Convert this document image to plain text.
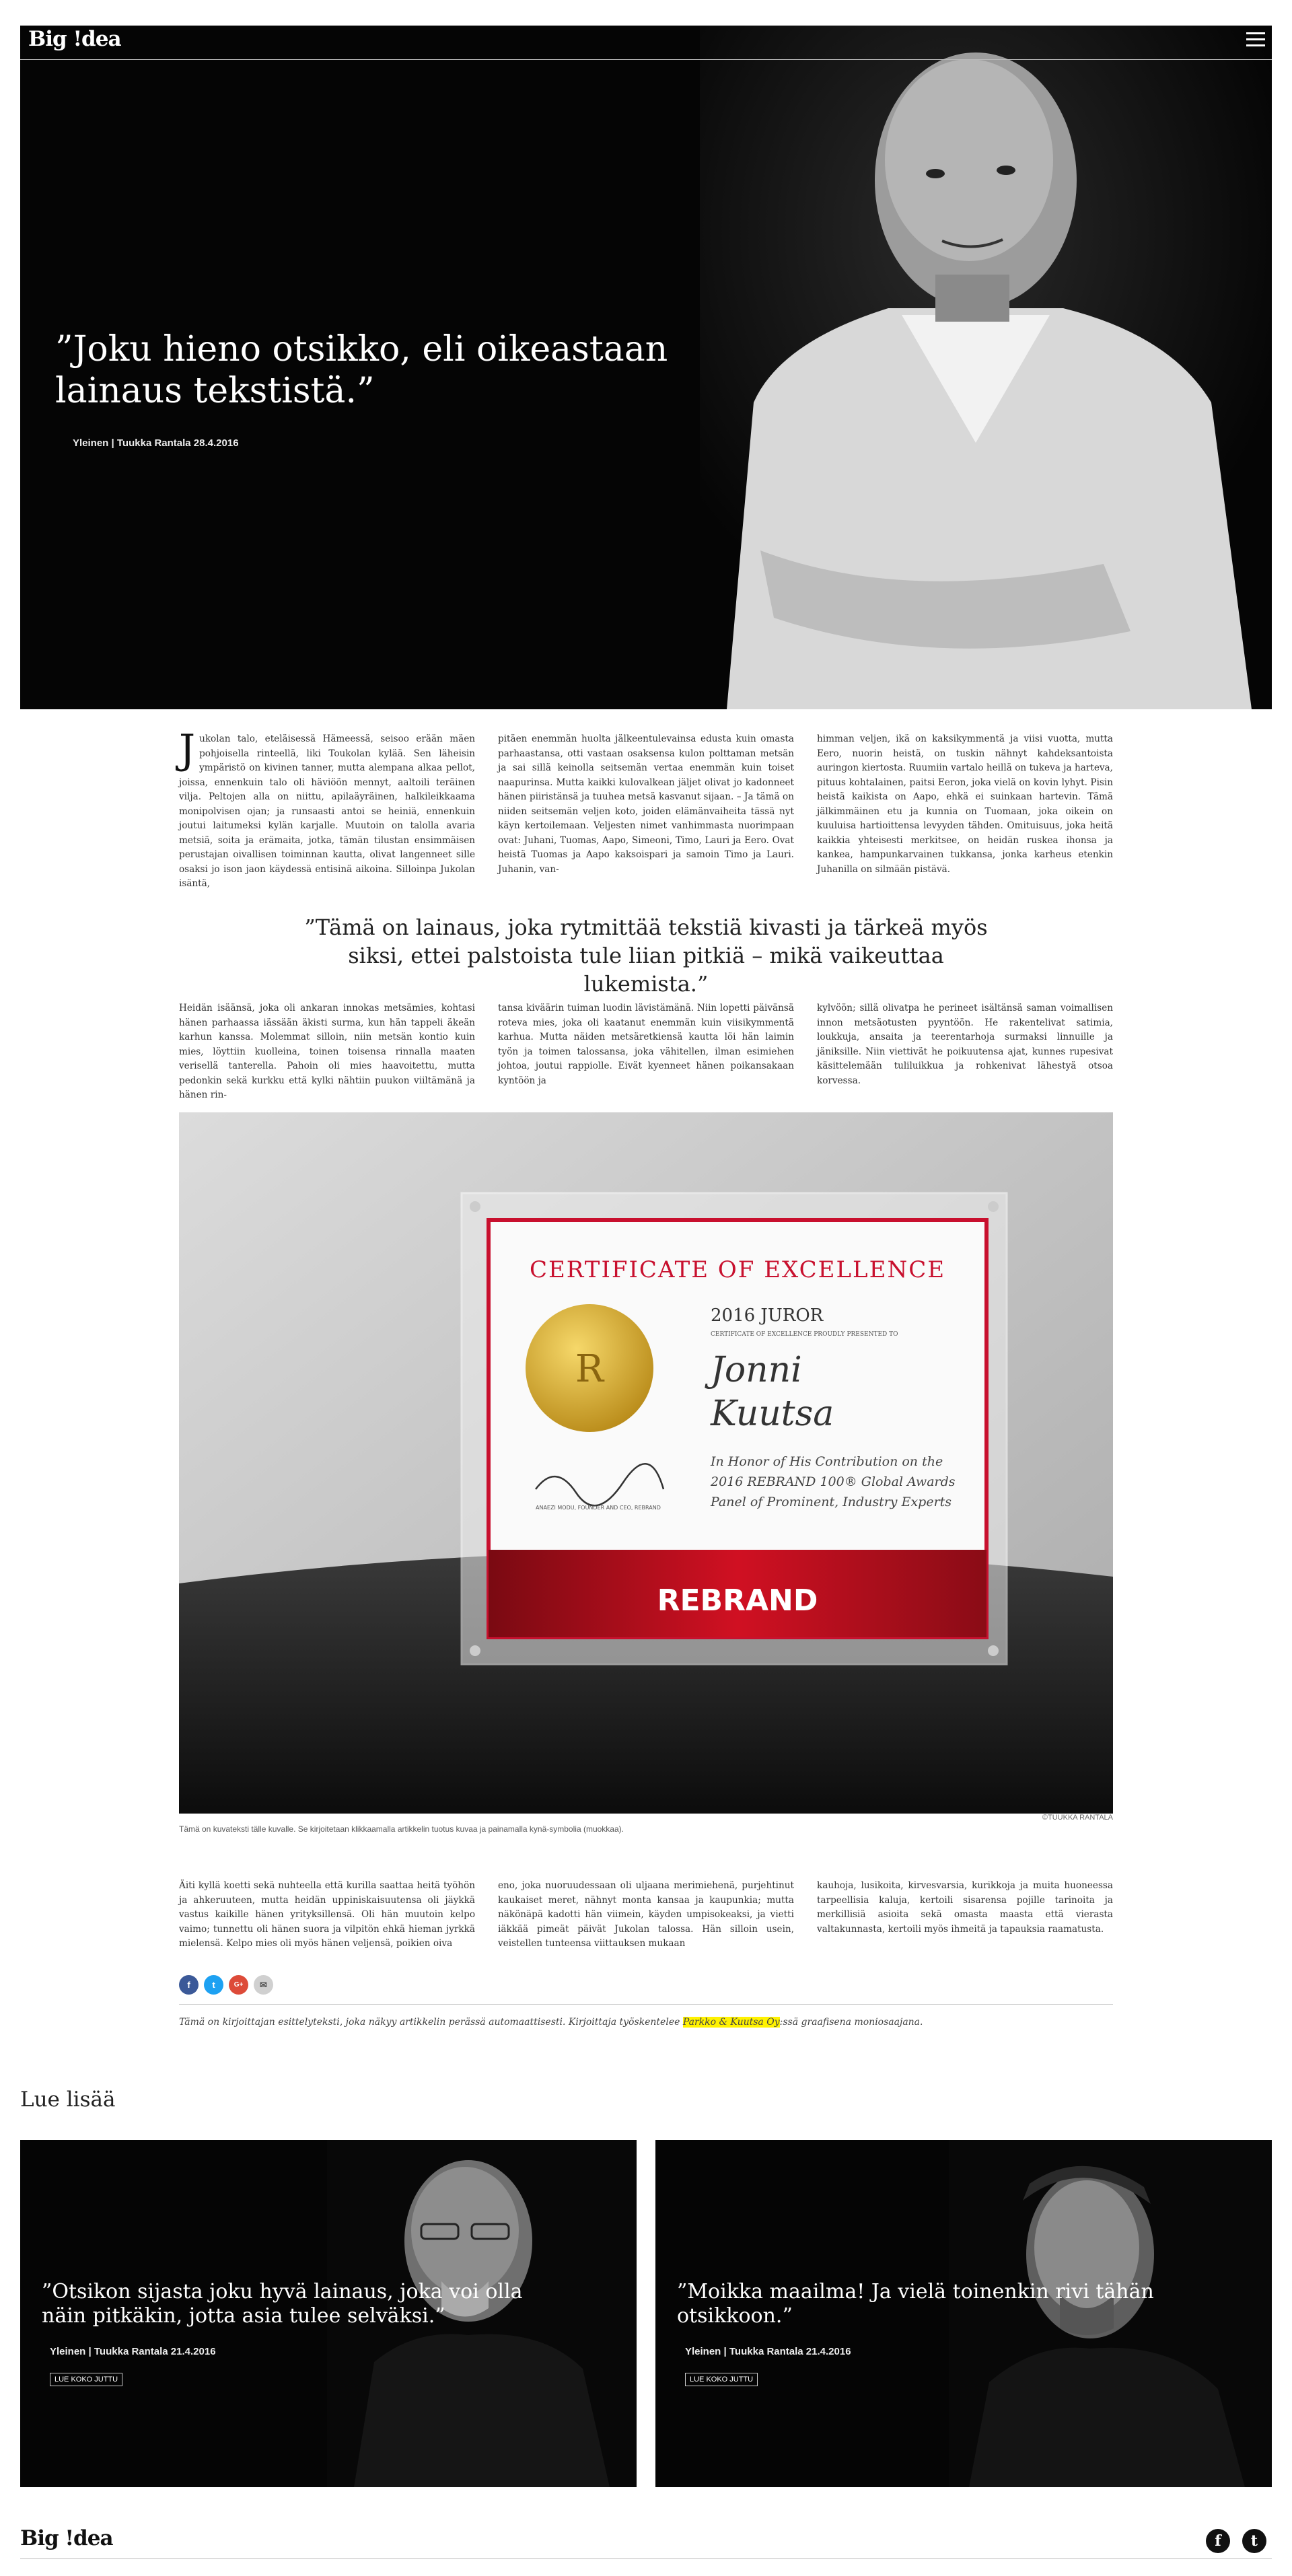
”Joku hieno otsikko, eli oikeastaan lainaus tekstistä.”
Yleinen | Tuukka Rantala 28.4.2016
Big !dea

Jukolan talo, eteläisessä Hämeessä, seisoo erään mäen pohjoisella rinteellä, liki Toukolan kylää. Sen läheisin ympäristö on kivinen tanner, mutta alempana alkaa pellot, joissa, ennenkuin talo oli häviöön mennyt, aaltoili teräinen vilja. Peltojen alla on niittu, apilaäyräinen, halkileikkaama monipolvisen ojan; ja runsaasti antoi se heiniä, ennenkuin joutui laitumeksi kylän karjalle. Muutoin on talolla avaria metsiä, soita ja erämaita, jotka, tämän tilustan ensimmäisen perustajan oivallisen toiminnan kautta, olivat langenneet sille osaksi jo ison jaon käydessä entisinä aikoina. Silloinpa Jukolan isäntä,

pitäen enemmän huolta jälkeentulevainsa edusta kuin omasta parhaastansa, otti vastaan osaksensa kulon polttaman metsän ja sai sillä keinolla seitsemän vertaa enemmän kuin toiset naapurinsa. Mutta kaikki kulovalkean jäljet olivat jo kadonneet hänen piiristänsä ja tuuhea metsä kasvanut sijaan. – Ja tämä on niiden seitsemän veljen koto, joiden elämänvaiheita tässä nyt käyn kertoilemaan. Veljesten nimet vanhimmasta nuorimpaan ovat: Juhani, Tuomas, Aapo, Simeoni, Timo, Lauri ja Eero. Ovat heistä Tuomas ja Aapo kaksoispari ja samoin Timo ja Lauri. Juhanin, van-

himman veljen, ikä on kaksikymmentä ja viisi vuotta, mutta Eero, nuorin heistä, on tuskin nähnyt kahdeksantoista auringon kiertosta. Ruumiin vartalo heillä on tukeva ja harteva, pituus kohtalainen, paitsi Eeron, joka vielä on kovin lyhyt. Pisin heistä kaikista on Aapo, ehkä ei suinkaan hartevin. Tämä jälkimmäinen etu ja kunnia on Tuomaan, joka oikein on kuuluisa hartioittensa levyyden tähden. Omituisuus, joka heitä kaikkia yhteisesti merkitsee, on heidän ruskea ihonsa ja kankea, hampunkarvainen tukkansa, jonka karheus etenkin Juhanilla on silmään pistävä.

”Tämä on lainaus, joka rytmittää tekstiä kivasti ja tärkeä myös siksi, ettei palstoista tule liian pitkiä – mikä vaikeuttaa lukemista.”

Heidän isäänsä, joka oli ankaran innokas metsämies, kohtasi hänen parhaassa iässään äkisti surma, kun hän tappeli äkeän karhun kanssa. Molemmat silloin, niin metsän kontio kuin mies, löyttiin kuolleina, toinen toisensa rinnalla maaten verisellä tanterella. Pahoin oli mies haavoitettu, mutta pedonkin sekä kurkku että kylki nähtiin puukon viiltämänä ja hänen rin-

tansa kiväärin tuiman luodin lävistämänä. Niin lopetti päivänsä roteva mies, joka oli kaatanut enemmän kuin viisikymmentä karhua. Mutta näiden metsäretkiensä kautta löi hän laimin työn ja toimen talossansa, joka vähitellen, ilman esimiehen johtoa, joutui rappiolle. Eivät kyenneet hänen poikansakaan kyntöön ja

kylvöön; sillä olivatpa he perineet isältänsä saman voimallisen innon metsäotusten pyyntöön. He rakentelivat satimia, loukkuja, ansaita ja teerentarhoja surmaksi linnuille ja jäniksille. Niin viettivät he poikuutensa ajat, kunnes rupesivat käsittelemään tuliluikkua ja rohkenivat lähestyä otsoa korvessa.

CERTIFICATE OF EXCELLENCE
R
2016 JUROR
CERTIFICATE OF EXCELLENCE PROUDLY PRESENTED TO
Jonni
Kuutsa
In Honor of His Contribution on the
2016 REBRAND 100® Global Awards
Panel of Prominent, Industry Experts
ANAEZI MODU, FOUNDER AND CEO, REBRAND
REBRAND
©TUUKKA RANTALA
Tämä on kuvateksti tälle kuvalle. Se kirjoitetaan klikkaamalla artikkelin tuotus kuvaa ja painamalla kynä-symbolia (muokkaa).

Äiti kyllä koetti sekä nuhteella että kurilla saattaa heitä työhön ja ahkeruuteen, mutta heidän uppiniskaisuutensa oli jäykkä vastus kaikille hänen yrityksillensä. Oli hän muutoin kelpo vaimo; tunnettu oli hänen suora ja vilpitön ehkä hieman jyrkkä mielensä. Kelpo mies oli myös hänen veljensä, poikien oiva

eno, joka nuoruudessaan oli uljaana merimiehenä, purjehtinut kaukaiset meret, nähnyt monta kansaa ja kaupunkia; mutta näkönäpä kadotti hän viimein, käyden umpisokeaksi, ja vietti iäkkää pimeät päivät Jukolan talossa. Hän silloin usein, veistellen tunteensa viittauksen mukaan

kauhoja, lusikoita, kirvesvarsia, kurikkoja ja muita huoneessa tarpeellisia kaluja, kertoili sisarensa pojille tarinoita ja merkillisiä asioita sekä omasta maasta että vierasta valtakunnasta, kertoili myös ihmeitä ja tapauksia raamatusta.

f	t	G+	✉
Tämä on kirjoittajan esittelyteksti, joka näkyy artikkelin perässä automaattisesti. Kirjoittaja työskentelee Parkko & Kuutsa Oy:ssä graafisena moniosaajana.
Lue lisää
”Otsikon sijasta joku hyvä lainaus, joka voi olla näin pitkäkin, jotta asia tulee selväksi.”
Yleinen | Tuukka Rantala 21.4.2016
LUE KOKO JUTTU
”Moikka maailma! Ja vielä toinenkin rivi tähän otsikkoon.”
Yleinen | Tuukka Rantala 21.4.2016
LUE KOKO JUTTU
Big !dea	f	t
